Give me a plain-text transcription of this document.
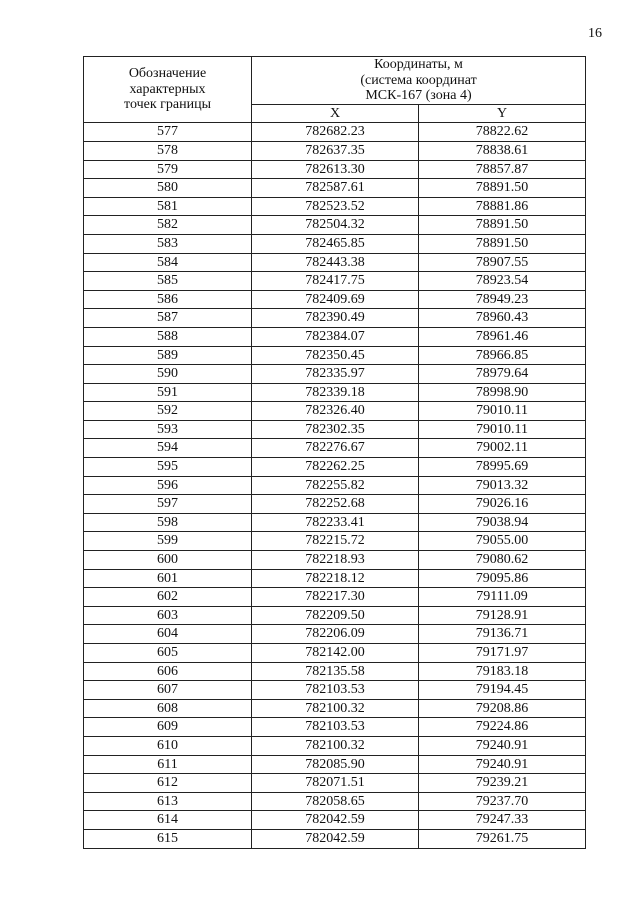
16
Обозначение
характерных
точек границы	Координаты, м
(система координат
МСК-167 (зона 4)	

	X	Y
577	782682.23	78822.62
578	782637.35	78838.61
579	782613.30	78857.87
580	782587.61	78891.50
581	782523.52	78881.86
582	782504.32	78891.50
583	782465.85	78891.50
584	782443.38	78907.55
585	782417.75	78923.54
586	782409.69	78949.23
587	782390.49	78960.43
588	782384.07	78961.46
589	782350.45	78966.85
590	782335.97	78979.64
591	782339.18	78998.90
592	782326.40	79010.11
593	782302.35	79010.11
594	782276.67	79002.11
595	782262.25	78995.69
596	782255.82	79013.32
597	782252.68	79026.16
598	782233.41	79038.94
599	782215.72	79055.00
600	782218.93	79080.62
601	782218.12	79095.86
602	782217.30	79111.09
603	782209.50	79128.91
604	782206.09	79136.71
605	782142.00	79171.97
606	782135.58	79183.18
607	782103.53	79194.45
608	782100.32	79208.86
609	782103.53	79224.86
610	782100.32	79240.91
611	782085.90	79240.91
612	782071.51	79239.21
613	782058.65	79237.70
614	782042.59	79247.33
615	782042.59	79261.75
